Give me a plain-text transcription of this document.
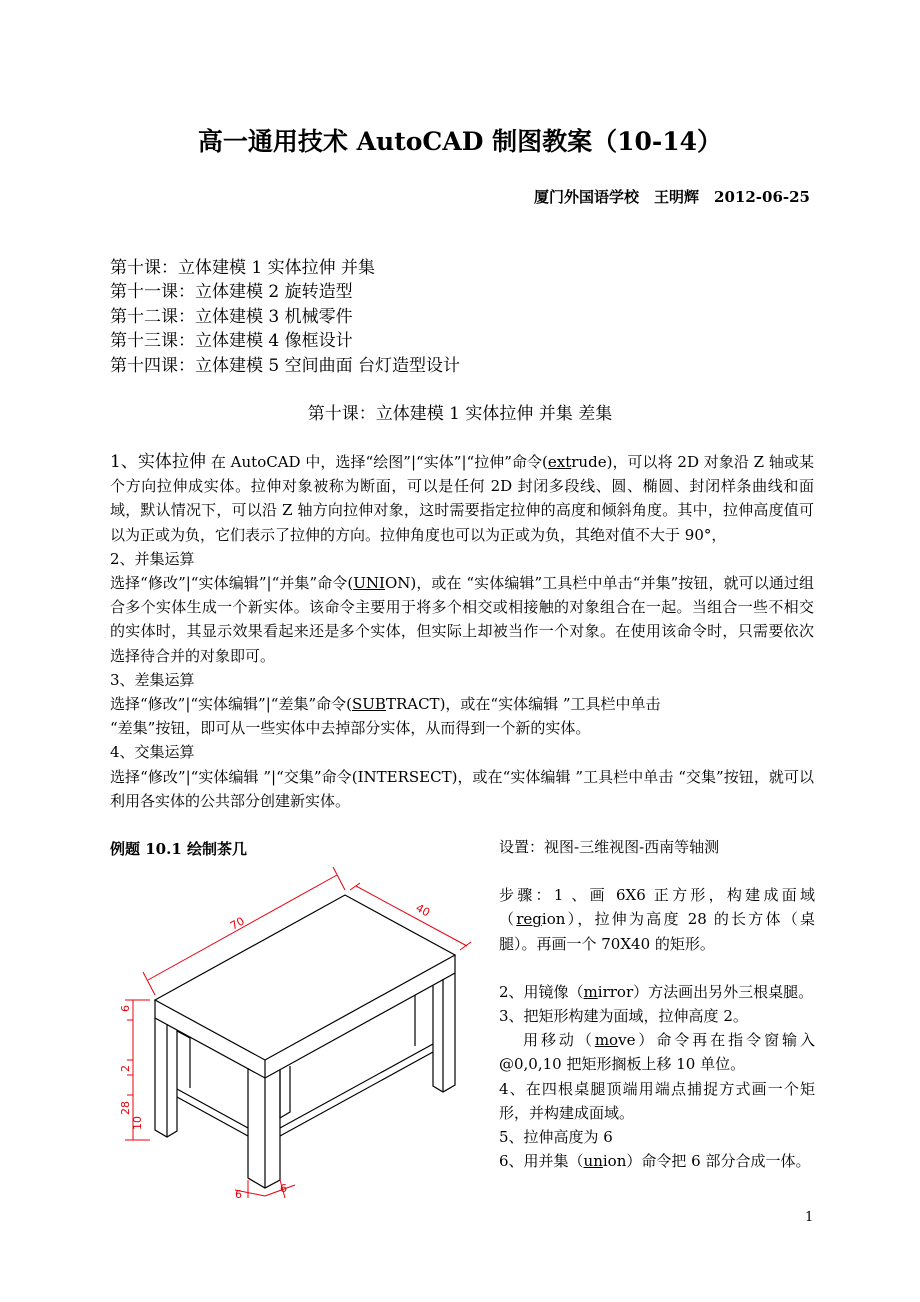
高一通用技术 AutoCAD 制图教案（10-14）
厦门外国语学校　王明辉　2012-06-25
第十课：立体建模 1 实体拉伸 并集
第十一课：立体建模 2 旋转造型
第十二课：立体建模 3 机械零件
第十三课：立体建模 4 像框设计
第十四课：立体建模 5 空间曲面 台灯造型设计
第十课：立体建模 1 实体拉伸 并集 差集

1、实体拉伸 在 AutoCAD 中，选择“绘图”|“实体”|“拉伸”命令(extrude)，可以将 2D 对象沿 Z 轴或某个方向拉伸成实体。拉伸对象被称为断面，可以是任何 2D 封闭多段线、圆、椭圆、封闭样条曲线和面域，默认情况下，可以沿 Z 轴方向拉伸对象，这时需要指定拉伸的高度和倾斜角度。其中，拉伸高度值可以为正或为负，它们表示了拉伸的方向。拉伸角度也可以为正或为负，其绝对值不大于 90°，

2、并集运算

选择“修改”|“实体编辑”|“并集”命令(UNION)，或在 “实体编辑”工具栏中单击“并集”按钮，就可以通过组合多个实体生成一个新实体。该命令主要用于将多个相交或相接触的对象组合在一起。当组合一些不相交的实体时，其显示效果看起来还是多个实体，但实际上却被当作一个对象。在使用该命令时，只需要依次选择待合并的对象即可。

3、差集运算

选择“修改”|“实体编辑”|“差集”命令(SUBTRACT)，或在“实体编辑 ”工具栏中单击

“差集”按钮，即可从一些实体中去掉部分实体，从而得到一个新的实体。

4、交集运算

选择“修改”|“实体编辑 ”|“交集”命令(INTERSECT)，或在“实体编辑 ”工具栏中单击 “交集”按钮，就可以利用各实体的公共部分创建新实体。

例题 10.1 绘制茶几	设置：视图-三维视图-西南等轴测

步骤：1 、画 6X6 正方形，构建成面域（region），拉伸为高度 28 的长方体（桌腿）。再画一个 70X40 的矩形。

2、用镜像（mirror）方法画出另外三根桌腿。

3、把矩形构建为面域，拉伸高度 2。

用移动（move）命令再在指令窗输入 @0,0,10 把矩形搁板上移 10 单位。

4、在四根桌腿顶端用端点捕捉方式画一个矩形，并构建成面域。

5、拉伸高度为 6

6、用并集（union）命令把 6 部分合成一体。

70
40
6
2
28
10
6	6
1
